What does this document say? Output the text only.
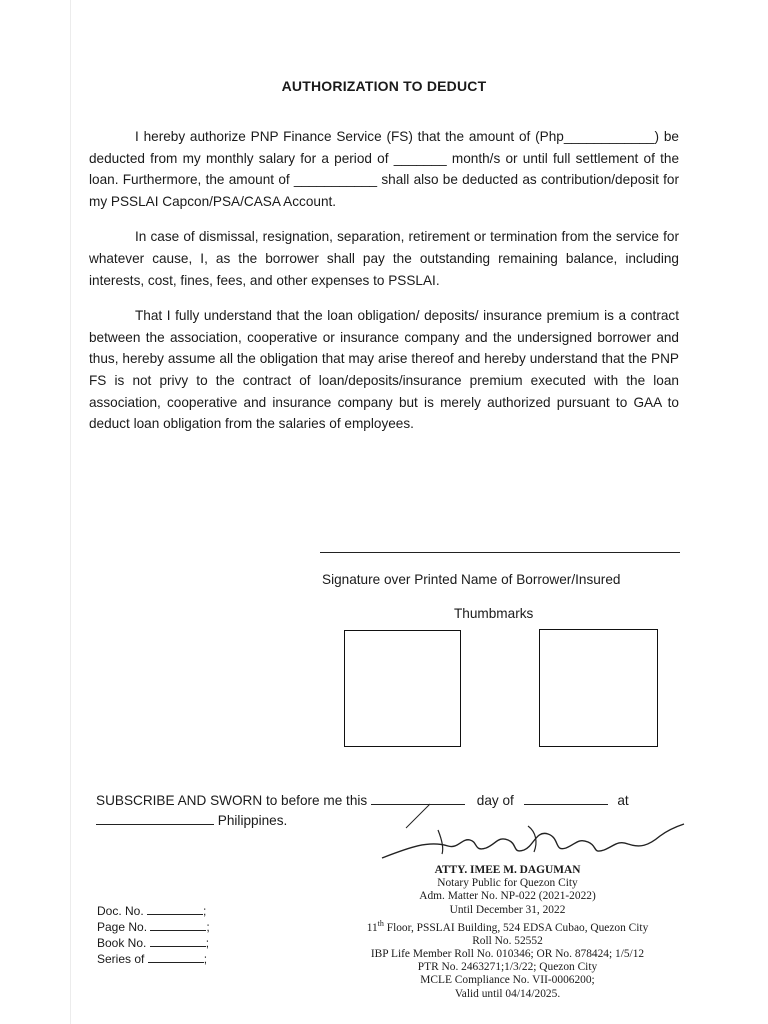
AUTHORIZATION TO DEDUCT

I hereby authorize PNP Finance Service (FS) that the amount of (Php____________) be deducted from my monthly salary for a period of _______ month/s or until full settlement of the loan. Furthermore, the amount of ___________ shall also be deducted as contribution/deposit for my PSSLAI Capcon/PSA/CASA Account.

In case of dismissal, resignation, separation, retirement or termination from the service for whatever cause, I, as the borrower shall pay the outstanding remaining balance, including interests, cost, fines, fees, and other expenses to PSSLAI.

That I fully understand that the loan obligation/ deposits/ insurance premium is a contract between the association, cooperative or insurance company and the undersigned borrower and thus, hereby assume all the obligation that may arise thereof and hereby understand that the PNP FS is not privy to the contract of loan/deposits/insurance premium executed with the loan association, cooperative and insurance company but is merely authorized pursuant to GAA to deduct loan obligation from the salaries of employees.

Signature over Printed Name of Borrower/Insured
Thumbmarks
SUBSCRIBE AND SWORN to before me this	day of	at
Philippines.
ATTY. IMEE M. DAGUMAN
Notary Public for Quezon City
Adm. Matter No. NP-022 (2021-2022)
Until December 31, 2022
11th Floor, PSSLAI Building, 524 EDSA Cubao, Quezon City
Roll No. 52552
IBP Life Member Roll No. 010346; OR No. 878424; 1/5/12
PTR No. 2463271;1/3/22; Quezon City
MCLE Compliance No. VII-0006200;
Valid until 04/14/2025.
Doc. No.	;
Page No.	;
Book No.	;
Series of	;
